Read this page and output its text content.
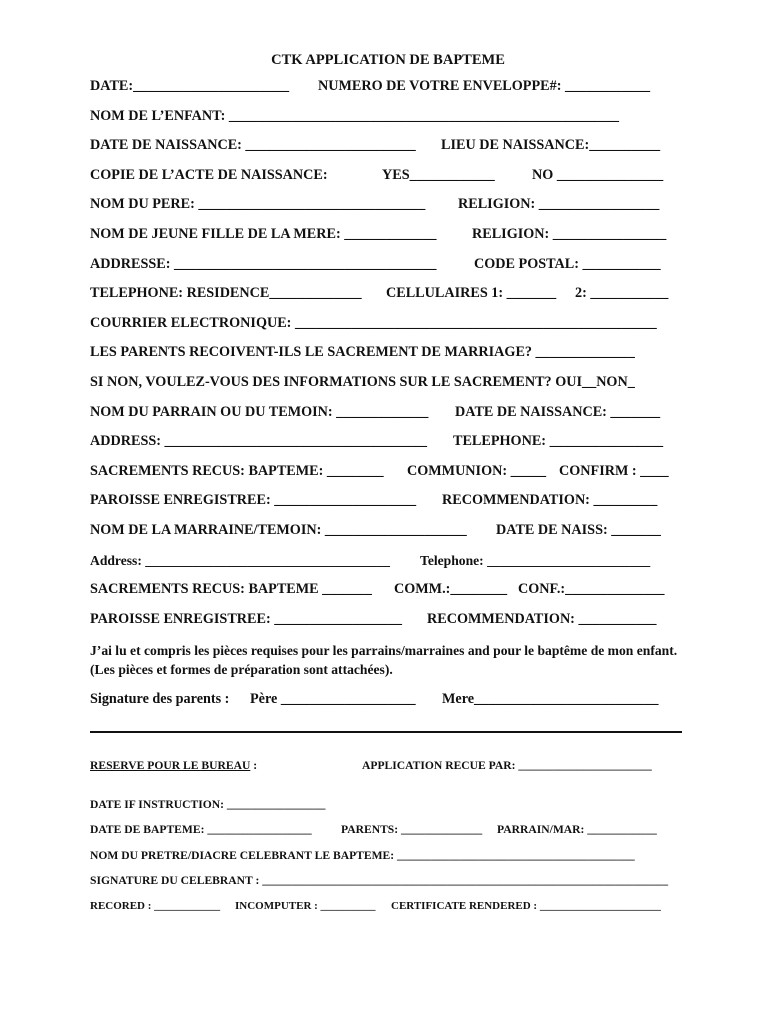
CTK APPLICATION DE BAPTEME
DATE:______________________ NUMERO DE VOTRE ENVELOPPE#: ____________
NOM DE L’ENFANT: _______________________________________________________
DATE DE NAISSANCE: ________________________ LIEU DE NAISSANCE:__________
COPIE DE L’ACTE DE NAISSANCE:	YES____________	NO _______________
NOM DU PERE: ________________________________ RELIGION: _________________
NOM DE JEUNE FILLE DE LA MERE: _____________	RELIGION: ________________
ADDRESSE: _____________________________________	CODE POSTAL: ___________
TELEPHONE: RESIDENCE_____________ CELLULAIRES 1: _______ 2: ___________
COURRIER ELECTRONIQUE: ___________________________________________________
LES PARENTS RECOIVENT-ILS LE SACREMENT DE MARRIAGE? ______________
SI NON, VOULEZ-VOUS DES INFORMATIONS SUR LE SACREMENT? OUI__NON_
NOM DU PARRAIN OU DU TEMOIN: _____________ DATE DE NAISSANCE: _______
ADDRESS: _____________________________________ TELEPHONE: ________________
SACREMENTS RECUS: BAPTEME: ________ COMMUNION: _____ CONFIRM : ____
PAROISSE ENREGISTREE: ____________________ RECOMMENDATION: _________
NOM DE LA MARRAINE/TEMOIN: ____________________ DATE DE NAISS: _______
Address: ____________________________________ Telephone: ________________________
SACREMENTS RECUS: BAPTEME _______ COMM.:________ CONF.:______________
PAROISSE ENREGISTREE: __________________ RECOMMENDATION: ___________
J’ai lu et compris les pièces requises pour les parrains/marraines and pour le baptême de mon enfant. (Les pièces et formes de préparation sont attachées).
Signature des parents : Père ___________________ Mere__________________________
RESERVE POUR LE BUREAU :	APPLICATION RECUE PAR: _______________________
DATE IF INSTRUCTION: _________________
DATE DE BAPTEME: __________________	PARENTS: ______________ PARRAIN/MAR: ____________
NOM DU PRETRE/DIACRE CELEBRANT LE BAPTEME: _________________________________________
SIGNATURE DU CELEBRANT : ______________________________________________________________________
RECORED : ____________ INCOMPUTER : __________ CERTIFICATE RENDERED : ______________________
